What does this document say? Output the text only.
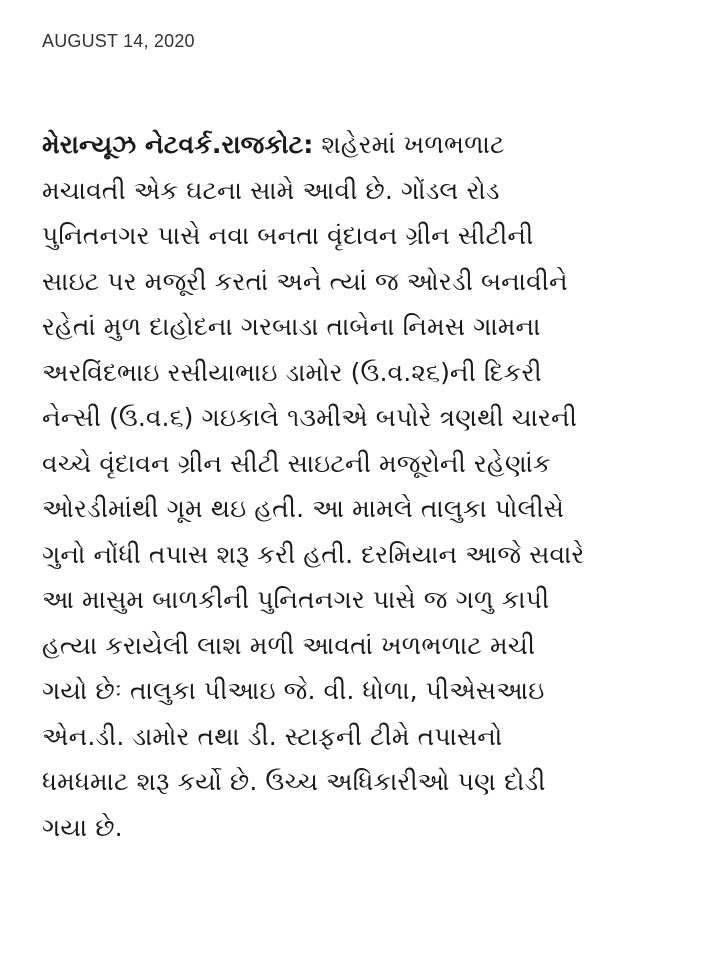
AUGUST 14, 2020
મેરાન્યૂઝ નેટવર્ક.રાજકોટ: શહેરમાં ખળભળાટ
મચાવતી એક ઘટના સામે આવી છે. ગોંડલ રોડ
પુનિતનગર પાસે નવા બનતા વૃંદાવન ગ્રીન સીટીની
સાઇટ પર મજૂરી કરતાં અને ત્યાં જ ઓરડી બનાવીને
રહેતાં મુળ દાહોદના ગરબાડા તાબેના નિમસ ગામના
અરવિંદભાઇ રસીયાભાઇ ડામોર (ઉ.વ.૨૬)ની દિકરી
નેન્સી (ઉ.વ.૬) ગઇકાલે ૧૩મીએ બપોરે ત્રણથી ચારની
વચ્ચે વૃંદાવન ગ્રીન સીટી સાઇટની મજૂરોની રહેણાંક
ઓરડીમાંથી ગૂમ થઇ હતી. આ મામલે તાલુકા પોલીસે
ગુનો નોંધી તપાસ શરૂ કરી હતી. દરમિયાન આજે સવારે
આ માસુમ બાળકીની પુનિતનગર પાસે જ ગળુ કાપી
હત્યા કરાયેલી લાશ મળી આવતાં ખળભળાટ મચી
ગયો છેઃ તાલુકા પીઆઇ જે. વી. ધોળા, પીએસઆઇ
એન.ડી. ડામોર તથા ડી. સ્ટાફની ટીમે તપાસનો
ધમધમાટ શરૂ કર્યો છે. ઉચ્ચ અધિકારીઓ પણ દોડી
ગયા છે.
